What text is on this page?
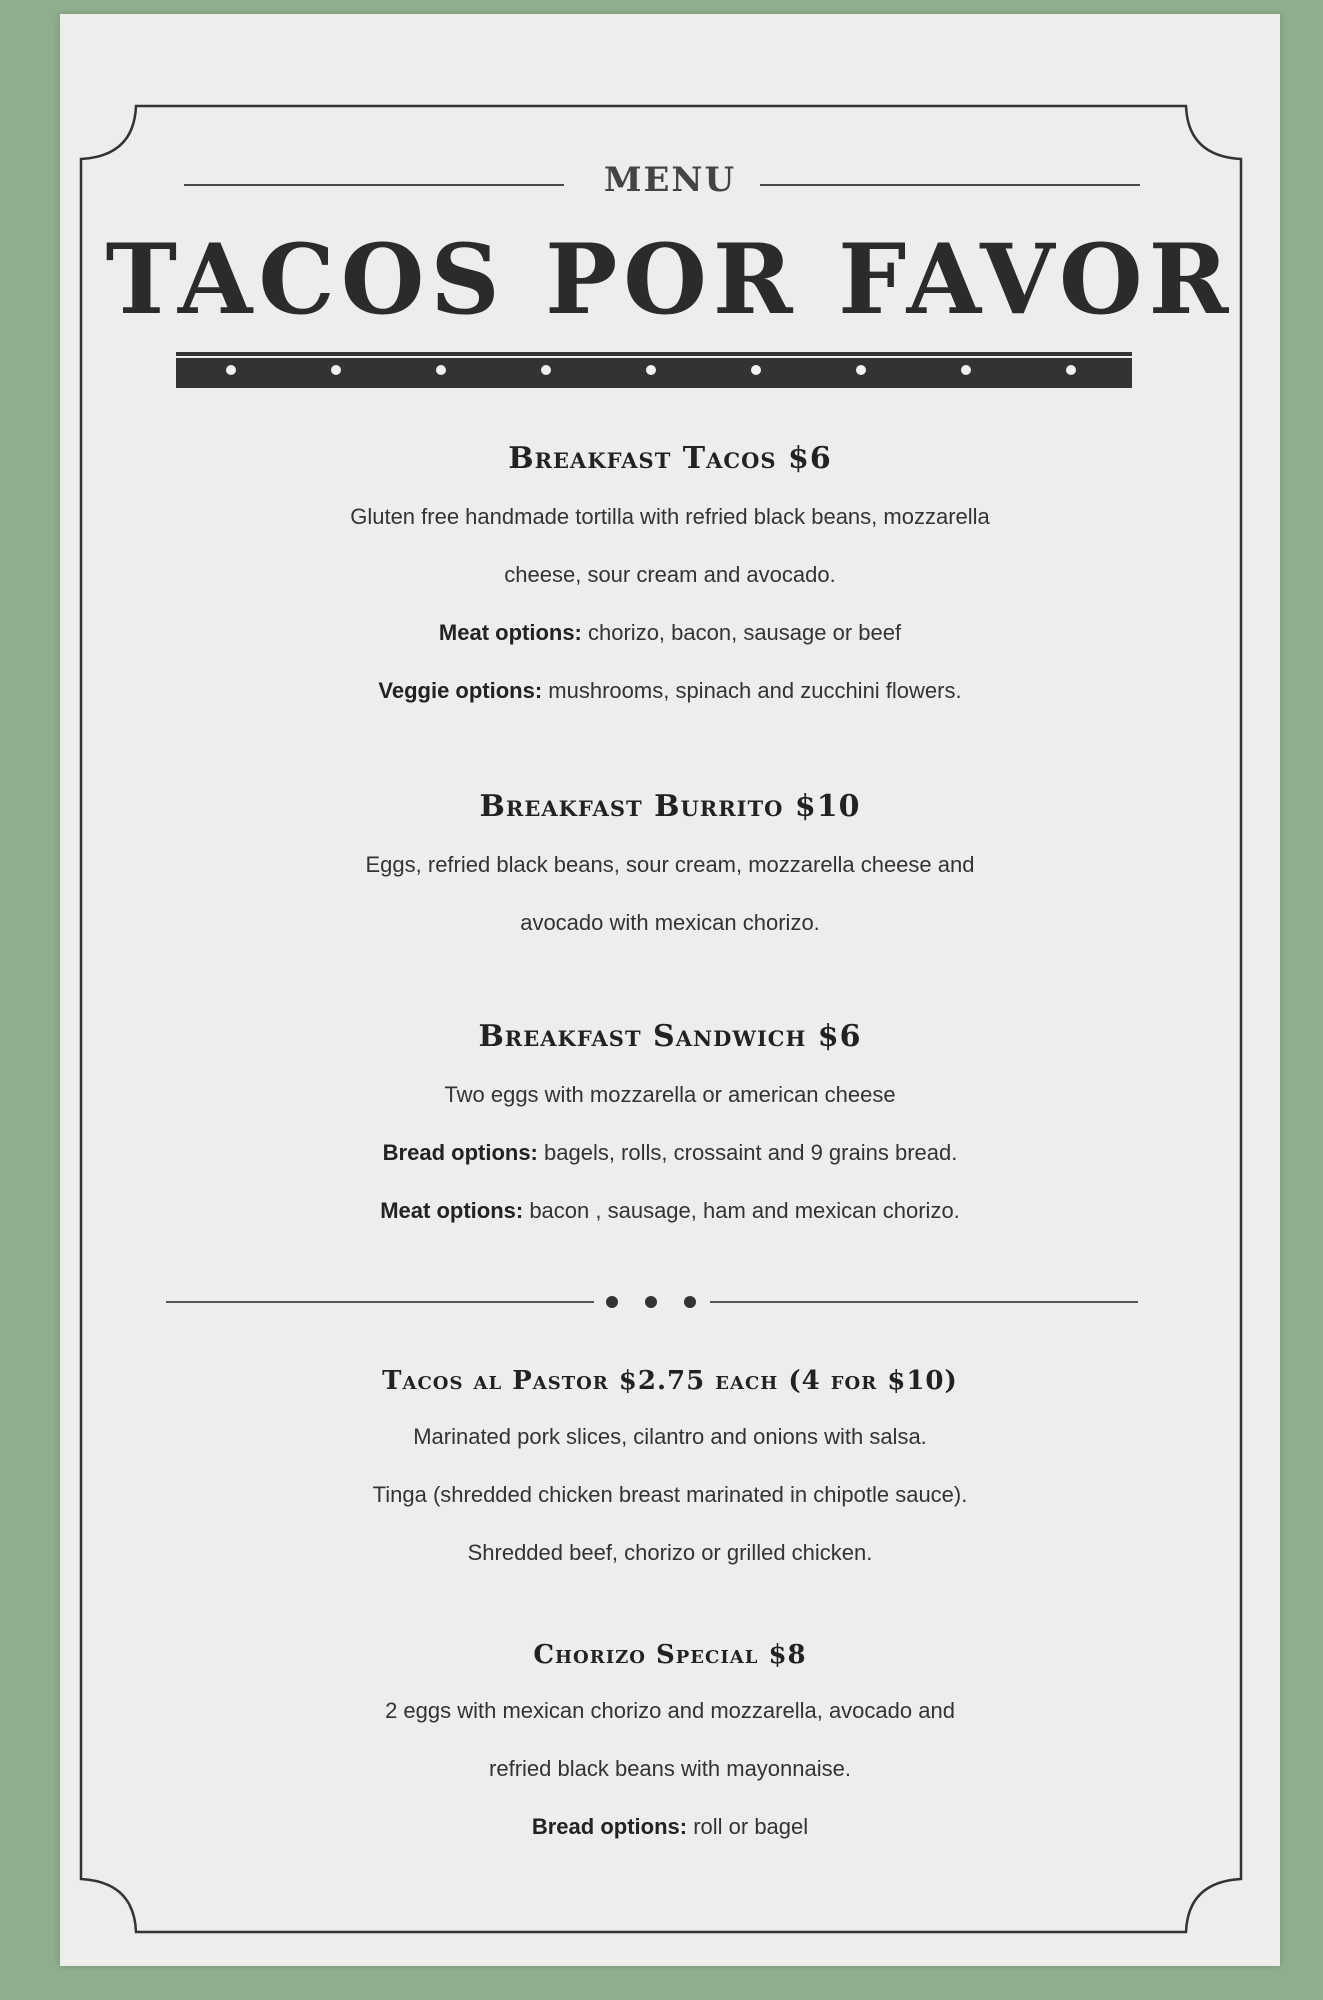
MENU
TACOS POR FAVOR
Breakfast Tacos $6

Gluten free handmade tortilla with refried black beans, mozzarella

cheese, sour cream and avocado.

Meat options: chorizo, bacon, sausage or beef

Veggie options: mushrooms, spinach and zucchini flowers.

Breakfast Burrito $10

Eggs, refried black beans, sour cream, mozzarella cheese and

avocado with mexican chorizo.

Breakfast Sandwich $6

Two eggs with mozzarella or american cheese

Bread options: bagels, rolls, crossaint and 9 grains bread.

Meat options: bacon , sausage, ham and mexican chorizo.

Tacos al Pastor $2.75 each (4 for $10)

Marinated pork slices, cilantro and onions with salsa.

Tinga (shredded chicken breast marinated in chipotle sauce).

Shredded beef, chorizo or grilled chicken.

Chorizo Special $8

2 eggs with mexican chorizo and mozzarella, avocado and

refried black beans with mayonnaise.

Bread options: roll or bagel
